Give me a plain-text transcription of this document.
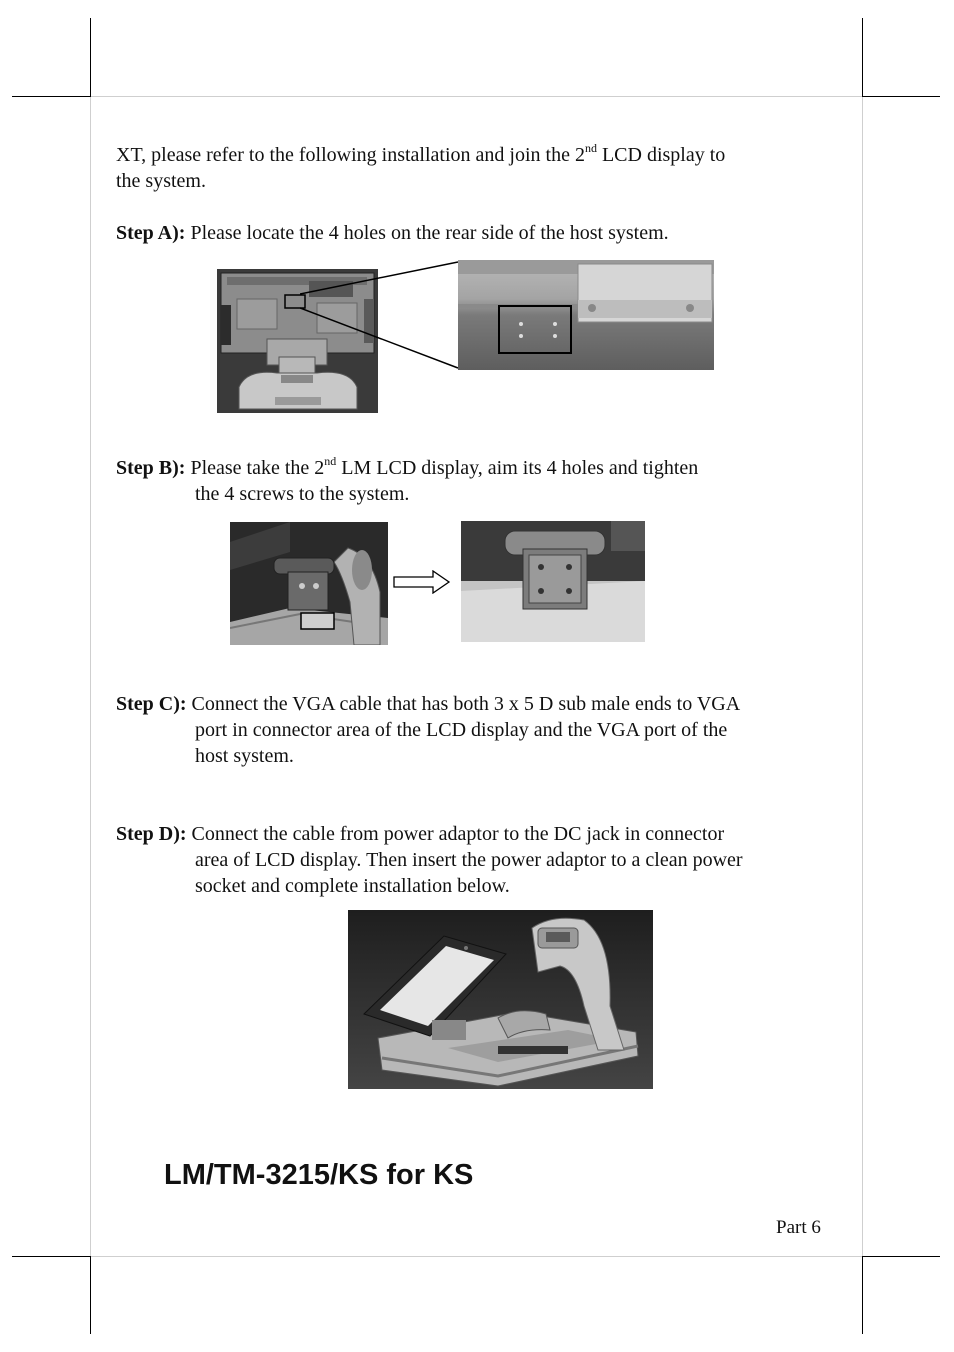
XT, please refer to the following installation and join the 2nd LCD display to
the system.
Step A): Please locate the 4 holes on the rear side of the host system.
Step B): Please take the 2nd LM LCD display, aim its 4 holes and tighten
the 4 screws to the system.
Step C): Connect the VGA cable that has both 3 x 5 D sub male ends to VGA
port in connector area of the LCD display and the VGA port of the
host system.
Step D): Connect the cable from power adaptor to the DC jack in connector
area of LCD display. Then insert the power adaptor to a clean power
socket and complete installation below.
LM/TM-3215/KS for KS
Part 6
